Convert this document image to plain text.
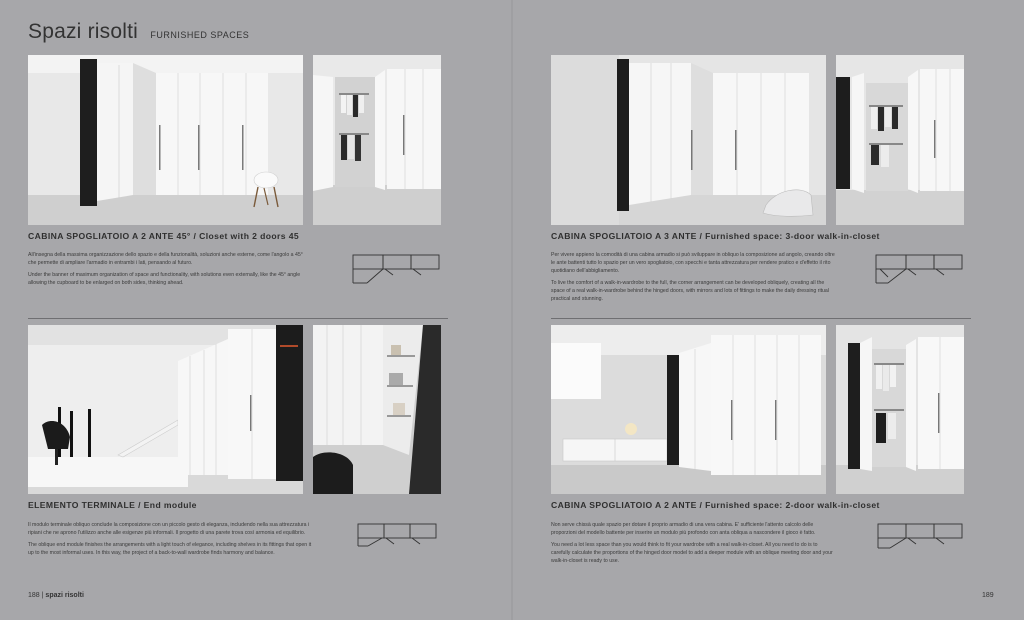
Spazi risolti FURNISHED SPACES
CABINA SPOGLIATOIO A 2 ANTE 45° / Closet with 2 doors 45

All'insegna della massima organizzazione dello spazio e della funzionalità, soluzioni anche esterne, come l'angolo a 45° che permette di ampliare l'armadio in entrambi i lati, pensando al futuro.

Under the banner of maximum organization of space and functionality, with solutions even externally, like the 45° angle allowing the cupboard to be enlarged on both sides, thinking ahead.

CABINA SPOGLIATOIO A 3 ANTE / Furnished space: 3-door walk-in-closet

Per vivere appieno la comodità di una cabina armadio si può sviluppare in obliquo la composizione ad angolo, creando oltre le ante battenti tutto lo spazio per un vero spogliatoio, con specchi e tanta attrezzatura per rendere pratico e d'effetto il rito quotidiano dell'abbigliamento.

To live the comfort of a walk-in-wardrobe to the full, the corner arrangement can be developed obliquely, creating all the space of a real walk-in-wardrobe behind the hinged doors, with mirrors and lots of fittings to make the daily dressing ritual practical and stunning.

ELEMENTO TERMINALE / End module

Il modulo terminale obliquo conclude la composizione con un piccolo gesto di eleganza, includendo nella sua attrezzatura i ripiani che ne aprono l'utilizzo anche alle esigenze più informali. Il progetto di una parete trova così armonia ed equilibrio.

The oblique end module finishes the arrangements with a light touch of elegance, including shelves in its fittings that open it up to the most informal uses. In this way, the project of a back-to-wall wardrobe finds harmony and balance.

CABINA SPOGLIATOIO A 2 ANTE / Furnished space: 2-door walk-in-closet

Non serve chissà quale spazio per dotare il proprio armadio di una vera cabina. E' sufficiente l'attento calcolo delle proporzioni del modello battente per inserire un modulo più profondo con anta obliqua a nascondere il gioco è fatto.

You need a lot less space than you would think to fit your wardrobe with a real walk-in-closet. All you need to do is to carefully calculate the proportions of the hinged door model to add a deeper module with an oblique meeting door and your walk-in-closet is ready to use.

188 | spazi risolti	189
